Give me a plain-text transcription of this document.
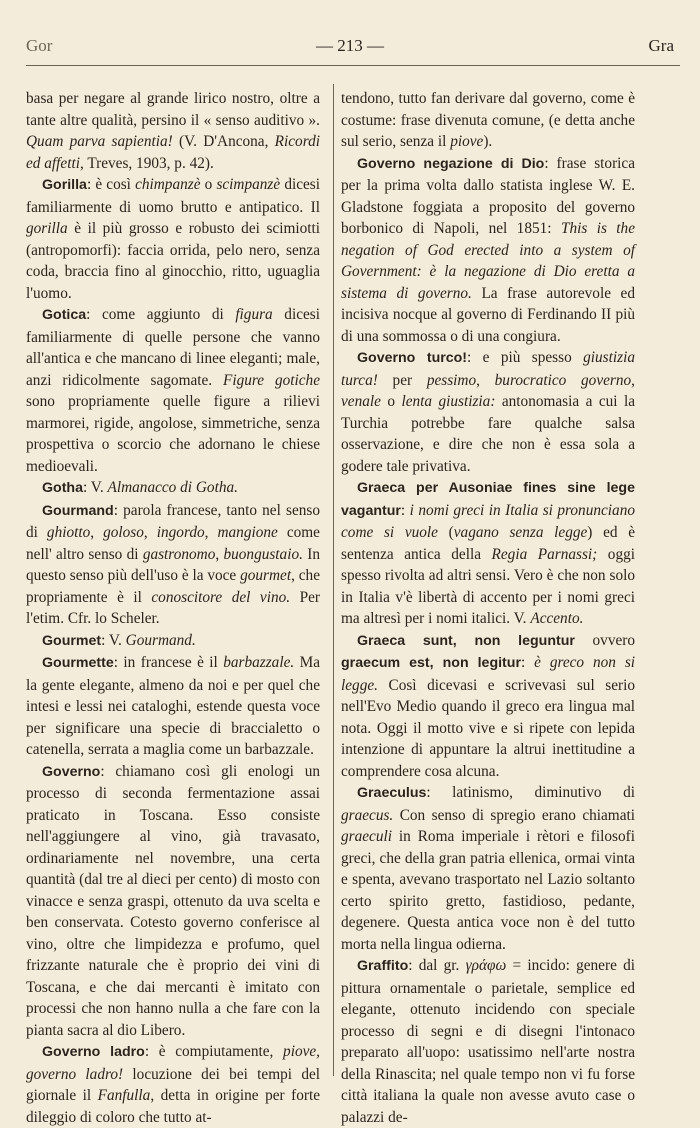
Gor	— 213 —	Gra

basa per negare al grande lirico nostro, oltre a tante altre qualità, persino il « senso auditivo ». Quam parva sapientia! (V. D'Ancona, Ricordi ed affetti, Treves, 1903, p. 42).

Gorilla: è così chimpanzè o scimpanzè dicesi familiarmente di uomo brutto e antipatico. Il gorilla è il più grosso e robusto dei scimiotti (antropomorfi): faccia orrida, pelo nero, senza coda, braccia fino al ginocchio, ritto, uguaglia l'uomo.

Gotica: come aggiunto di figura dicesi familiarmente di quelle persone che vanno all'antica e che mancano di linee eleganti; male, anzi ridicolmente sagomate. Figure gotiche sono propriamente quelle figure a rilievi marmorei, rigide, angolose, simmetriche, senza prospettiva o scorcio che adornano le chiese medioevali.

Gotha: V. Almanacco di Gotha.

Gourmand: parola francese, tanto nel senso di ghiotto, goloso, ingordo, mangione come nell' altro senso di gastronomo, buongustaio. In questo senso più dell'uso è la voce gourmet, che propriamente è il conoscitore del vino. Per l'etim. Cfr. lo Scheler.

Gourmet: V. Gourmand.

Gourmette: in francese è il barbazzale. Ma la gente elegante, almeno da noi e per quel che intesi e lessi nei cataloghi, estende questa voce per significare una specie di braccialetto o catenella, serrata a maglia come un barbazzale.

Governo: chiamano così gli enologi un processo di seconda fermentazione assai praticato in Toscana. Esso consiste nell'aggiungere al vino, già travasato, ordinariamente nel novembre, una certa quantità (dal tre al dieci per cento) di mosto con vinacce e senza graspi, ottenuto da uva scelta e ben conservata. Cotesto governo conferisce al vino, oltre che limpidezza e profumo, quel frizzante naturale che è proprio dei vini di Toscana, e che dai mercanti è imitato con processi che non hanno nulla a che fare con la pianta sacra al dio Libero.

Governo ladro: è compiutamente, piove, governo ladro! locuzione dei bei tempi del giornale il Fanfulla, detta in origine per forte dileggio di coloro che tutto at-

tendono, tutto fan derivare dal governo, come è costume: frase divenuta comune, (e detta anche sul serio, senza il piove).

Governo negazione di Dio: frase storica per la prima volta dallo statista inglese W. E. Gladstone foggiata a proposito del governo borbonico di Napoli, nel 1851: This is the negation of God erected into a system of Government: è la negazione di Dio eretta a sistema di governo. La frase autorevole ed incisiva nocque al governo di Ferdinando II più di una sommossa o di una congiura.

Governo turco!: e più spesso giustizia turca! per pessimo, burocratico governo, venale o lenta giustizia: antonomasia a cui la Turchia potrebbe fare qualche salsa osservazione, e dire che non è essa sola a godere tale privativa.

Graeca per Ausoniae fines sine lege vagantur: i nomi greci in Italia si pronunciano come si vuole (vagano senza legge) ed è sentenza antica della Regia Parnassi; oggi spesso rivolta ad altri sensi. Vero è che non solo in Italia v'è libertà di accento per i nomi greci ma altresì per i nomi italici. V. Accento.

Graeca sunt, non leguntur ovvero graecum est, non legitur: è greco non si legge. Così dicevasi e scrivevasi sul serio nell'Evo Medio quando il greco era lingua mal nota. Oggi il motto vive e si ripete con lepida intenzione di appuntare la altrui inettitudine a comprendere cosa alcuna.

Graeculus: latinismo, diminutivo di graecus. Con senso di spregio erano chiamati graeculi in Roma imperiale i rètori e filosofi greci, che della gran patria ellenica, ormai vinta e spenta, avevano trasportato nel Lazio soltanto certo spirito gretto, fastidioso, pedante, degenere. Questa antica voce non è del tutto morta nella lingua odierna.

Graffito: dal gr. γράφω = incido: genere di pittura ornamentale o parietale, semplice ed elegante, ottenuto incidendo con speciale processo di segni e di disegni l'intonaco preparato all'uopo: usatissimo nell'arte nostra della Rinascita; nel quale tempo non vi fu forse città italiana la quale non avesse avuto case o palazzi de-
